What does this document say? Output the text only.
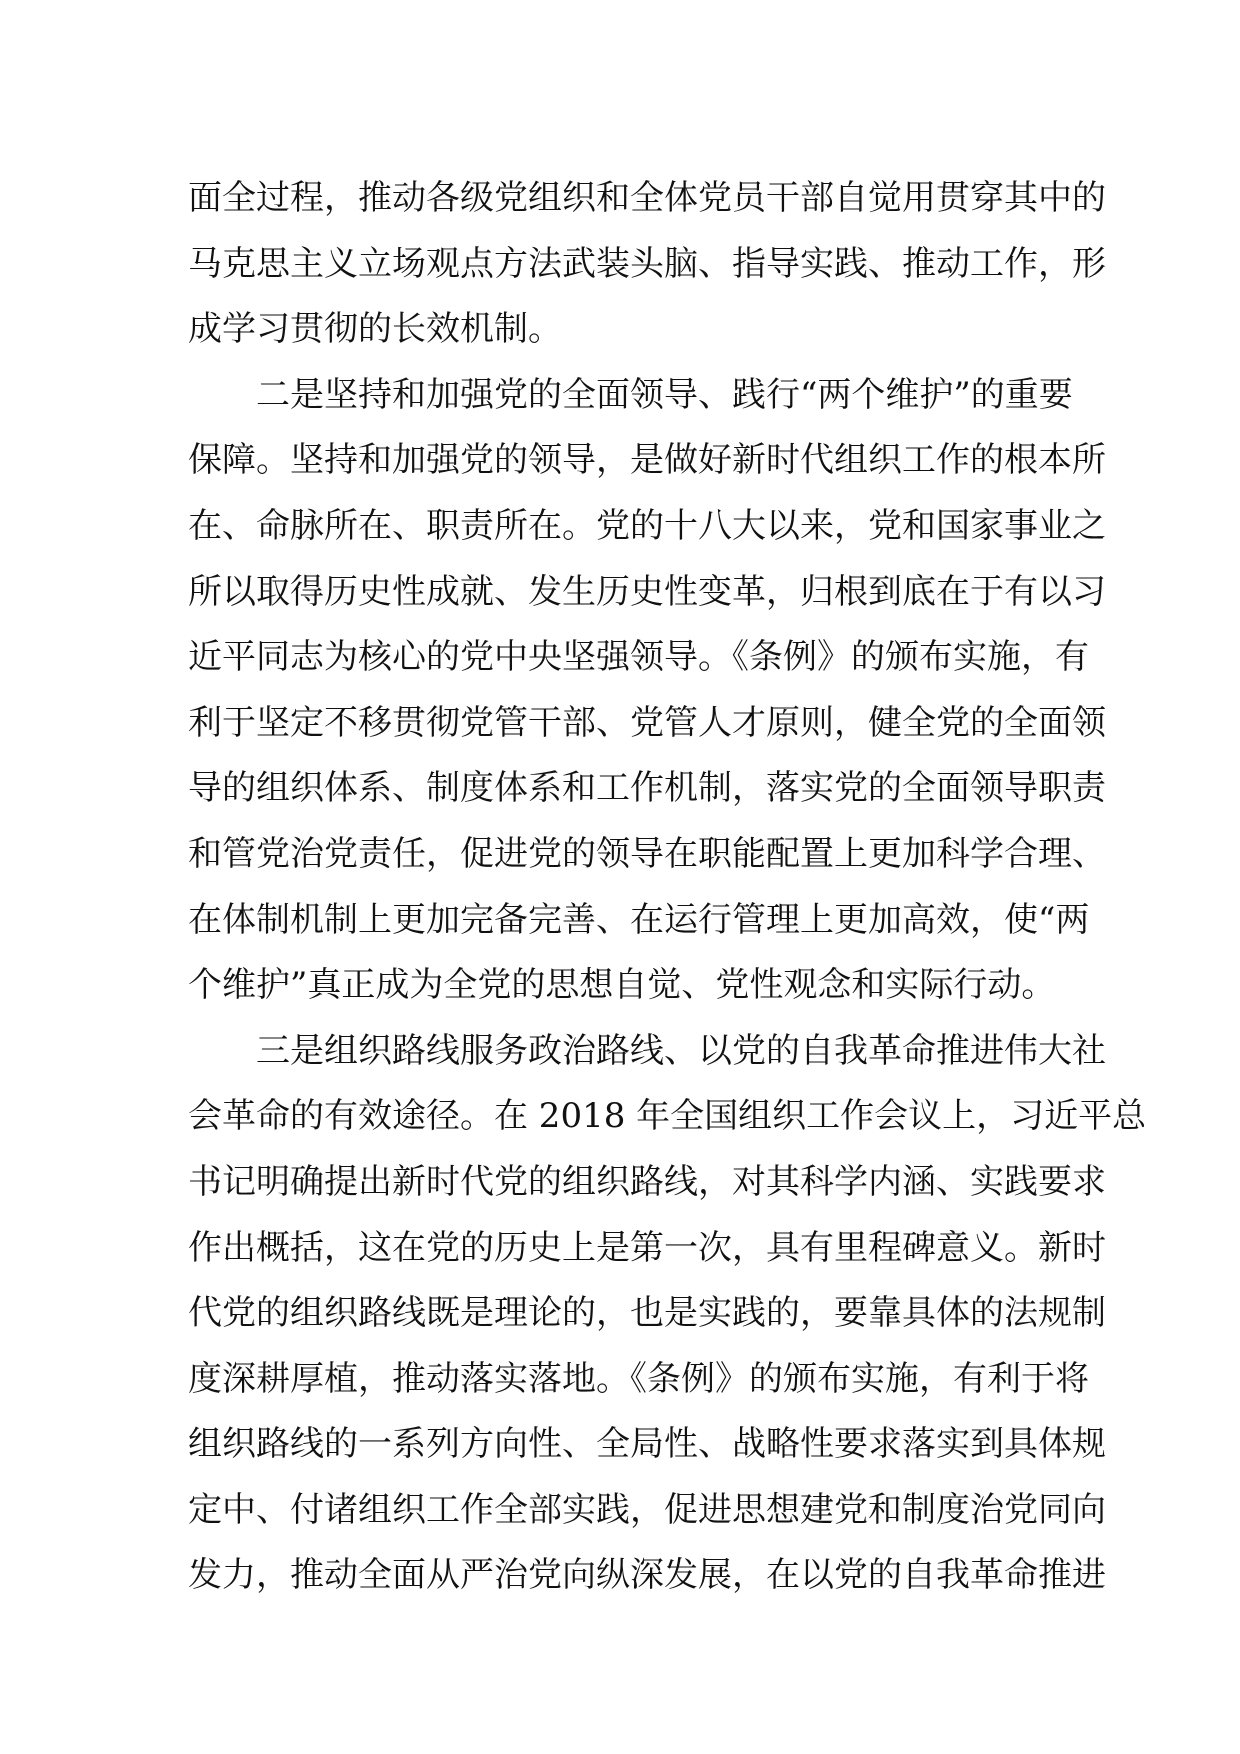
面全过程，推动各级党组织和全体党员干部自觉用贯穿其中的
马克思主义立场观点方法武装头脑、指导实践、推动工作，形
成学习贯彻的长效机制。
二是坚持和加强党的全面领导、践行“两个维护”的重要
保障。坚持和加强党的领导，是做好新时代组织工作的根本所
在、命脉所在、职责所在。党的十八大以来，党和国家事业之
所以取得历史性成就、发生历史性变革，归根到底在于有以习
近平同志为核心的党中央坚强领导。《条例》的颁布实施，有
利于坚定不移贯彻党管干部、党管人才原则，健全党的全面领
导的组织体系、制度体系和工作机制，落实党的全面领导职责
和管党治党责任，促进党的领导在职能配置上更加科学合理、
在体制机制上更加完备完善、在运行管理上更加高效，使“两
个维护”真正成为全党的思想自觉、党性观念和实际行动。
三是组织路线服务政治路线、以党的自我革命推进伟大社
会革命的有效途径。在 2018 年全国组织工作会议上，习近平总
书记明确提出新时代党的组织路线，对其科学内涵、实践要求
作出概括，这在党的历史上是第一次，具有里程碑意义。新时
代党的组织路线既是理论的，也是实践的，要靠具体的法规制
度深耕厚植，推动落实落地。《条例》的颁布实施，有利于将
组织路线的一系列方向性、全局性、战略性要求落实到具体规
定中、付诸组织工作全部实践，促进思想建党和制度治党同向
发力，推动全面从严治党向纵深发展，在以党的自我革命推进
